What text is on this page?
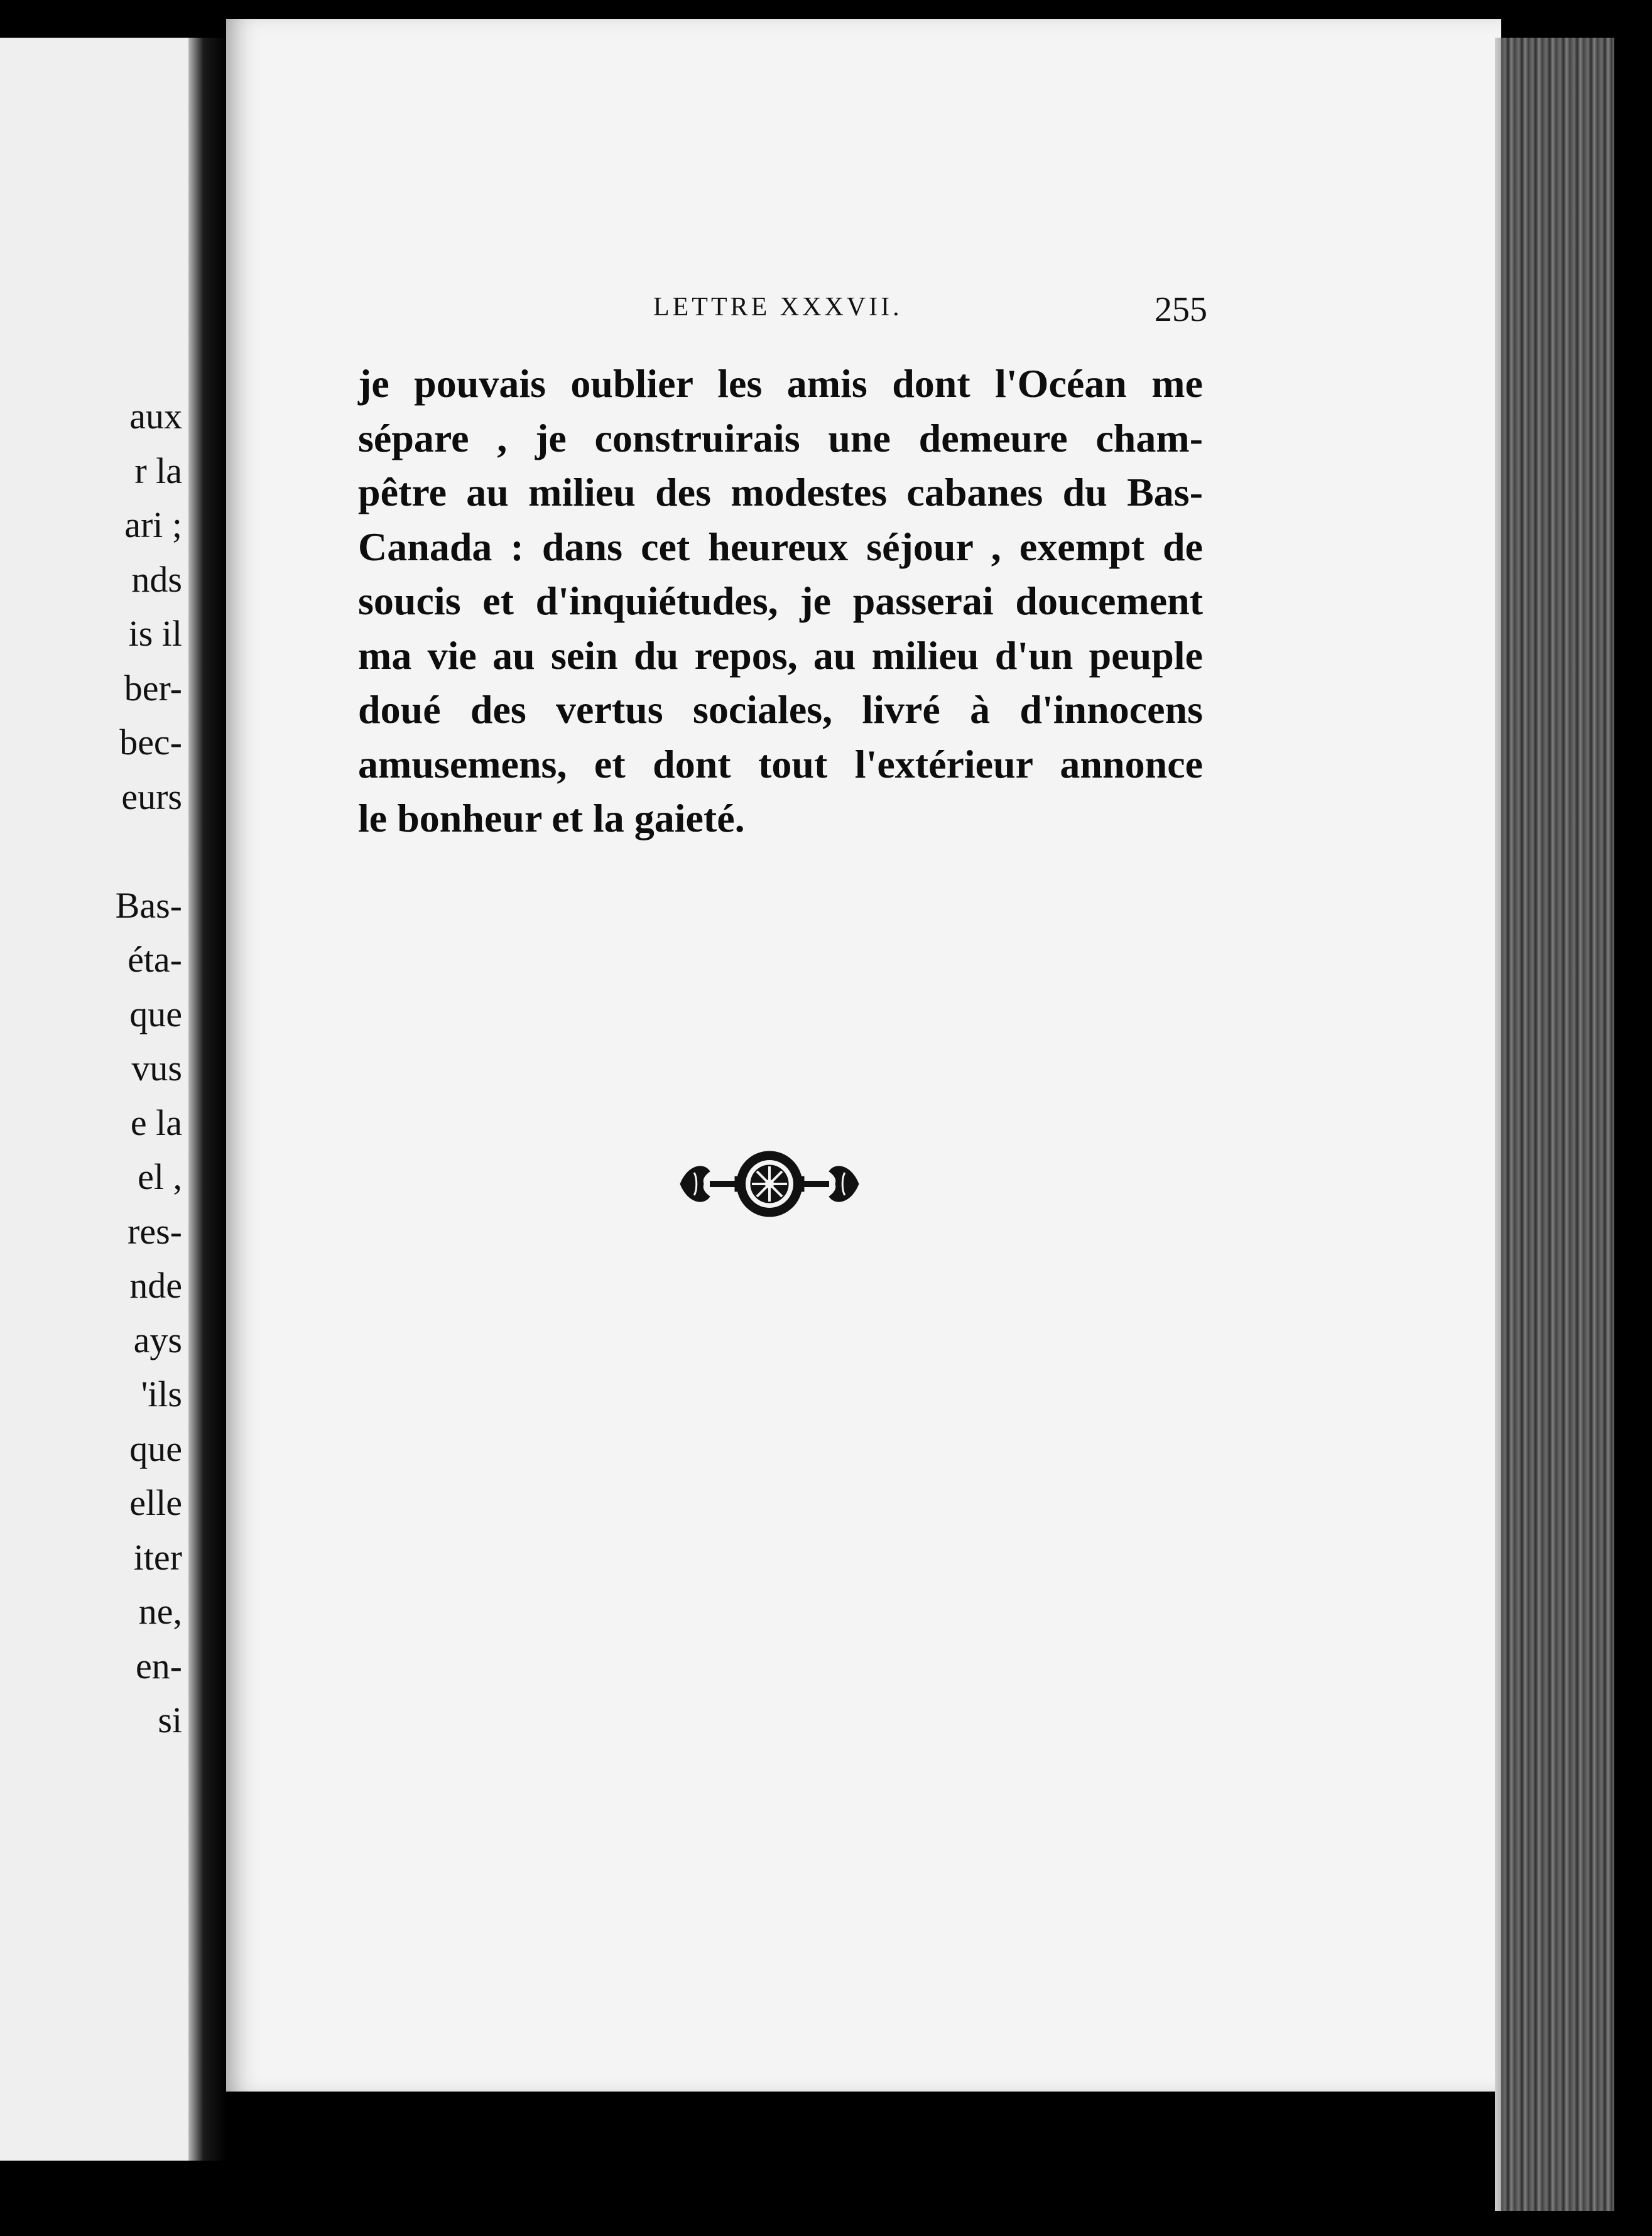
aux
r la
ari ;
nds
is il
ber-
bec-
eurs

Bas-
éta-
que
vus
e la
el ,
res-
nde
ays
'ils
que
elle
iter
ne,
en-
si
LETTRE XXXVII.	255
je pouvais oublier les amis dont l'Océan me
sépare , je construirais une demeure cham-
pêtre au milieu des modestes cabanes du Bas-
Canada : dans cet heureux séjour , exempt de
soucis et d'inquiétudes, je passerai doucement
ma vie au sein du repos, au milieu d'un peuple
doué des vertus sociales, livré à d'innocens
amusemens, et dont tout l'extérieur annonce
le bonheur et la gaieté.
